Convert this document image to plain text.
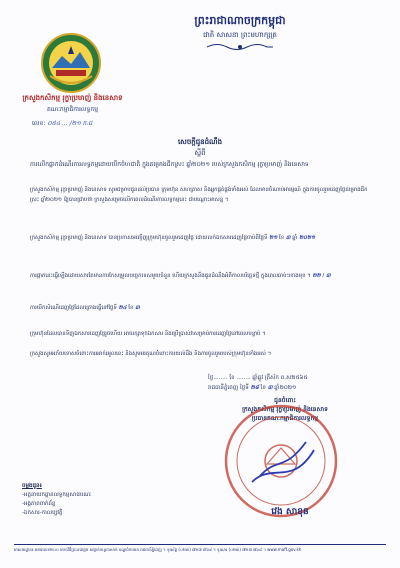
ព្រះរាជាណាចក្រកម្ពុជា
ជាតិ សាសនា ព្រះមហាក្សត្រ
ក្រសួងកសិកម្ម រុក្ខាប្រមាញ់ និងនេសាទ
គណៈកម្មាធិការលទ្ធកម្ម
លេខ: ០៥៤ ... /២១ ក.ជ
សេចក្តីជូនដំណឹង
ស្តីពី
ការលើកផ្អាកដំណើរការលទ្ធកម្មដោយបើកចំហជាតិ ក្នុងគម្រោងជីកស្រះ ឆ្នាំ២០២១ របស់ក្រសួងកសិកម្ម រុក្ខាប្រមាញ់ និងនេសាទ
ក្រសួងកសិកម្ម រុក្ខាប្រមាញ់ និងនេសាទ សូមជម្រាបជូនដល់ប្រធាន ក្រុមហ៊ុន សហគ្រាស និងអ្នកផ្គត់ផ្គង់ទាំងអស់ ដែលមានចំណាប់អារម្មណ៍ ក្នុងការចូលរួមដេញថ្លៃគម្រោងជីកស្រះ ឆ្នាំ២០២១ ឱ្យបានជ្រាបថា ក្រសួងសម្រេចលើកពេលដំណើរការលទ្ធកម្មនេះ ជាបណ្តោះអាសន្ន ។
ក្រសួងកសិកម្ម រុក្ខាប្រមាញ់ និងនេសាទ បានប្រកាសអញ្ជើញក្រុមហ៊ុនចូលរួមដេញថ្លៃ ដោយលក់ឯកសារដេញថ្លៃចាប់ពីថ្ងៃទី ២១ ខែ ៣ ឆ្នាំ ២០២១
ការផ្អាកនេះធ្វើឡើងដោយសារតែមានការកែសម្រួលបច្ចេកទេសមួយចំនួន ហើយក្រសួងនឹងជូនដំណឹងអំពីកាលបរិច្ឆេទថ្មី ក្នុងពេលឆាប់ៗខាងមុខ ។ ២២ / ៣
ការបើកសំណើដេញថ្លៃដែលគ្រោងធ្វើនៅថ្ងៃទី ២៤ ខែ ៣
ក្រុមហ៊ុនដែលបានទិញឯកសារដេញថ្លៃរួចហើយ អាចរក្សាទុកឯកសារ និងប្រើប្រាស់វាសម្រាប់ការដេញថ្លៃនៅពេលបន្ទាប់ ។
ក្រសួងសូមអភ័យទោសចំពោះការរអាក់រអួលនេះ និងសូមអរគុណចំពោះការយល់ដឹង និងការចូលរួមរបស់ក្រុមហ៊ុនទាំងអស់ ។
ថ្ងៃ........ ខែ ........ ឆ្នាំឆ្លូវ ត្រីស័ក ព.ស២៥៦៥
រាជធានីភ្នំពេញ ថ្ងៃទី ២៨ ខែ ៣ ឆ្នាំ២០២១
ជូនចំពោះ
ក្រសួងកសិកម្ម រុក្ខាប្រមាញ់ និងនេសាទ
ប្រធានគណៈកម្មាធិការលទ្ធកម្ម
វេង សាខុន
ចម្លងជូន៖
-អគ្គនាយកដ្ឋានលទ្ធកម្មសាធារណៈ
-អង្គភាពពាក់ព័ន្ធ
-ឯកសារ-កាលប្បវត្តិ
អាសយដ្ឋាន៖ អគារលេខ២០០ មហាវិថីព្រះនរោត្តម សង្កាត់ទន្លេបាសាក់ ខណ្ឌចំការមន រាជធានីភ្នំពេញ ។ ទូរស័ព្ទ (០២៣) ៧២៧ ៧៦៨ ។ ទូរសារ (០២៣) ៧២៧ ៧៦៨ ។ www.maff.gov.kh
